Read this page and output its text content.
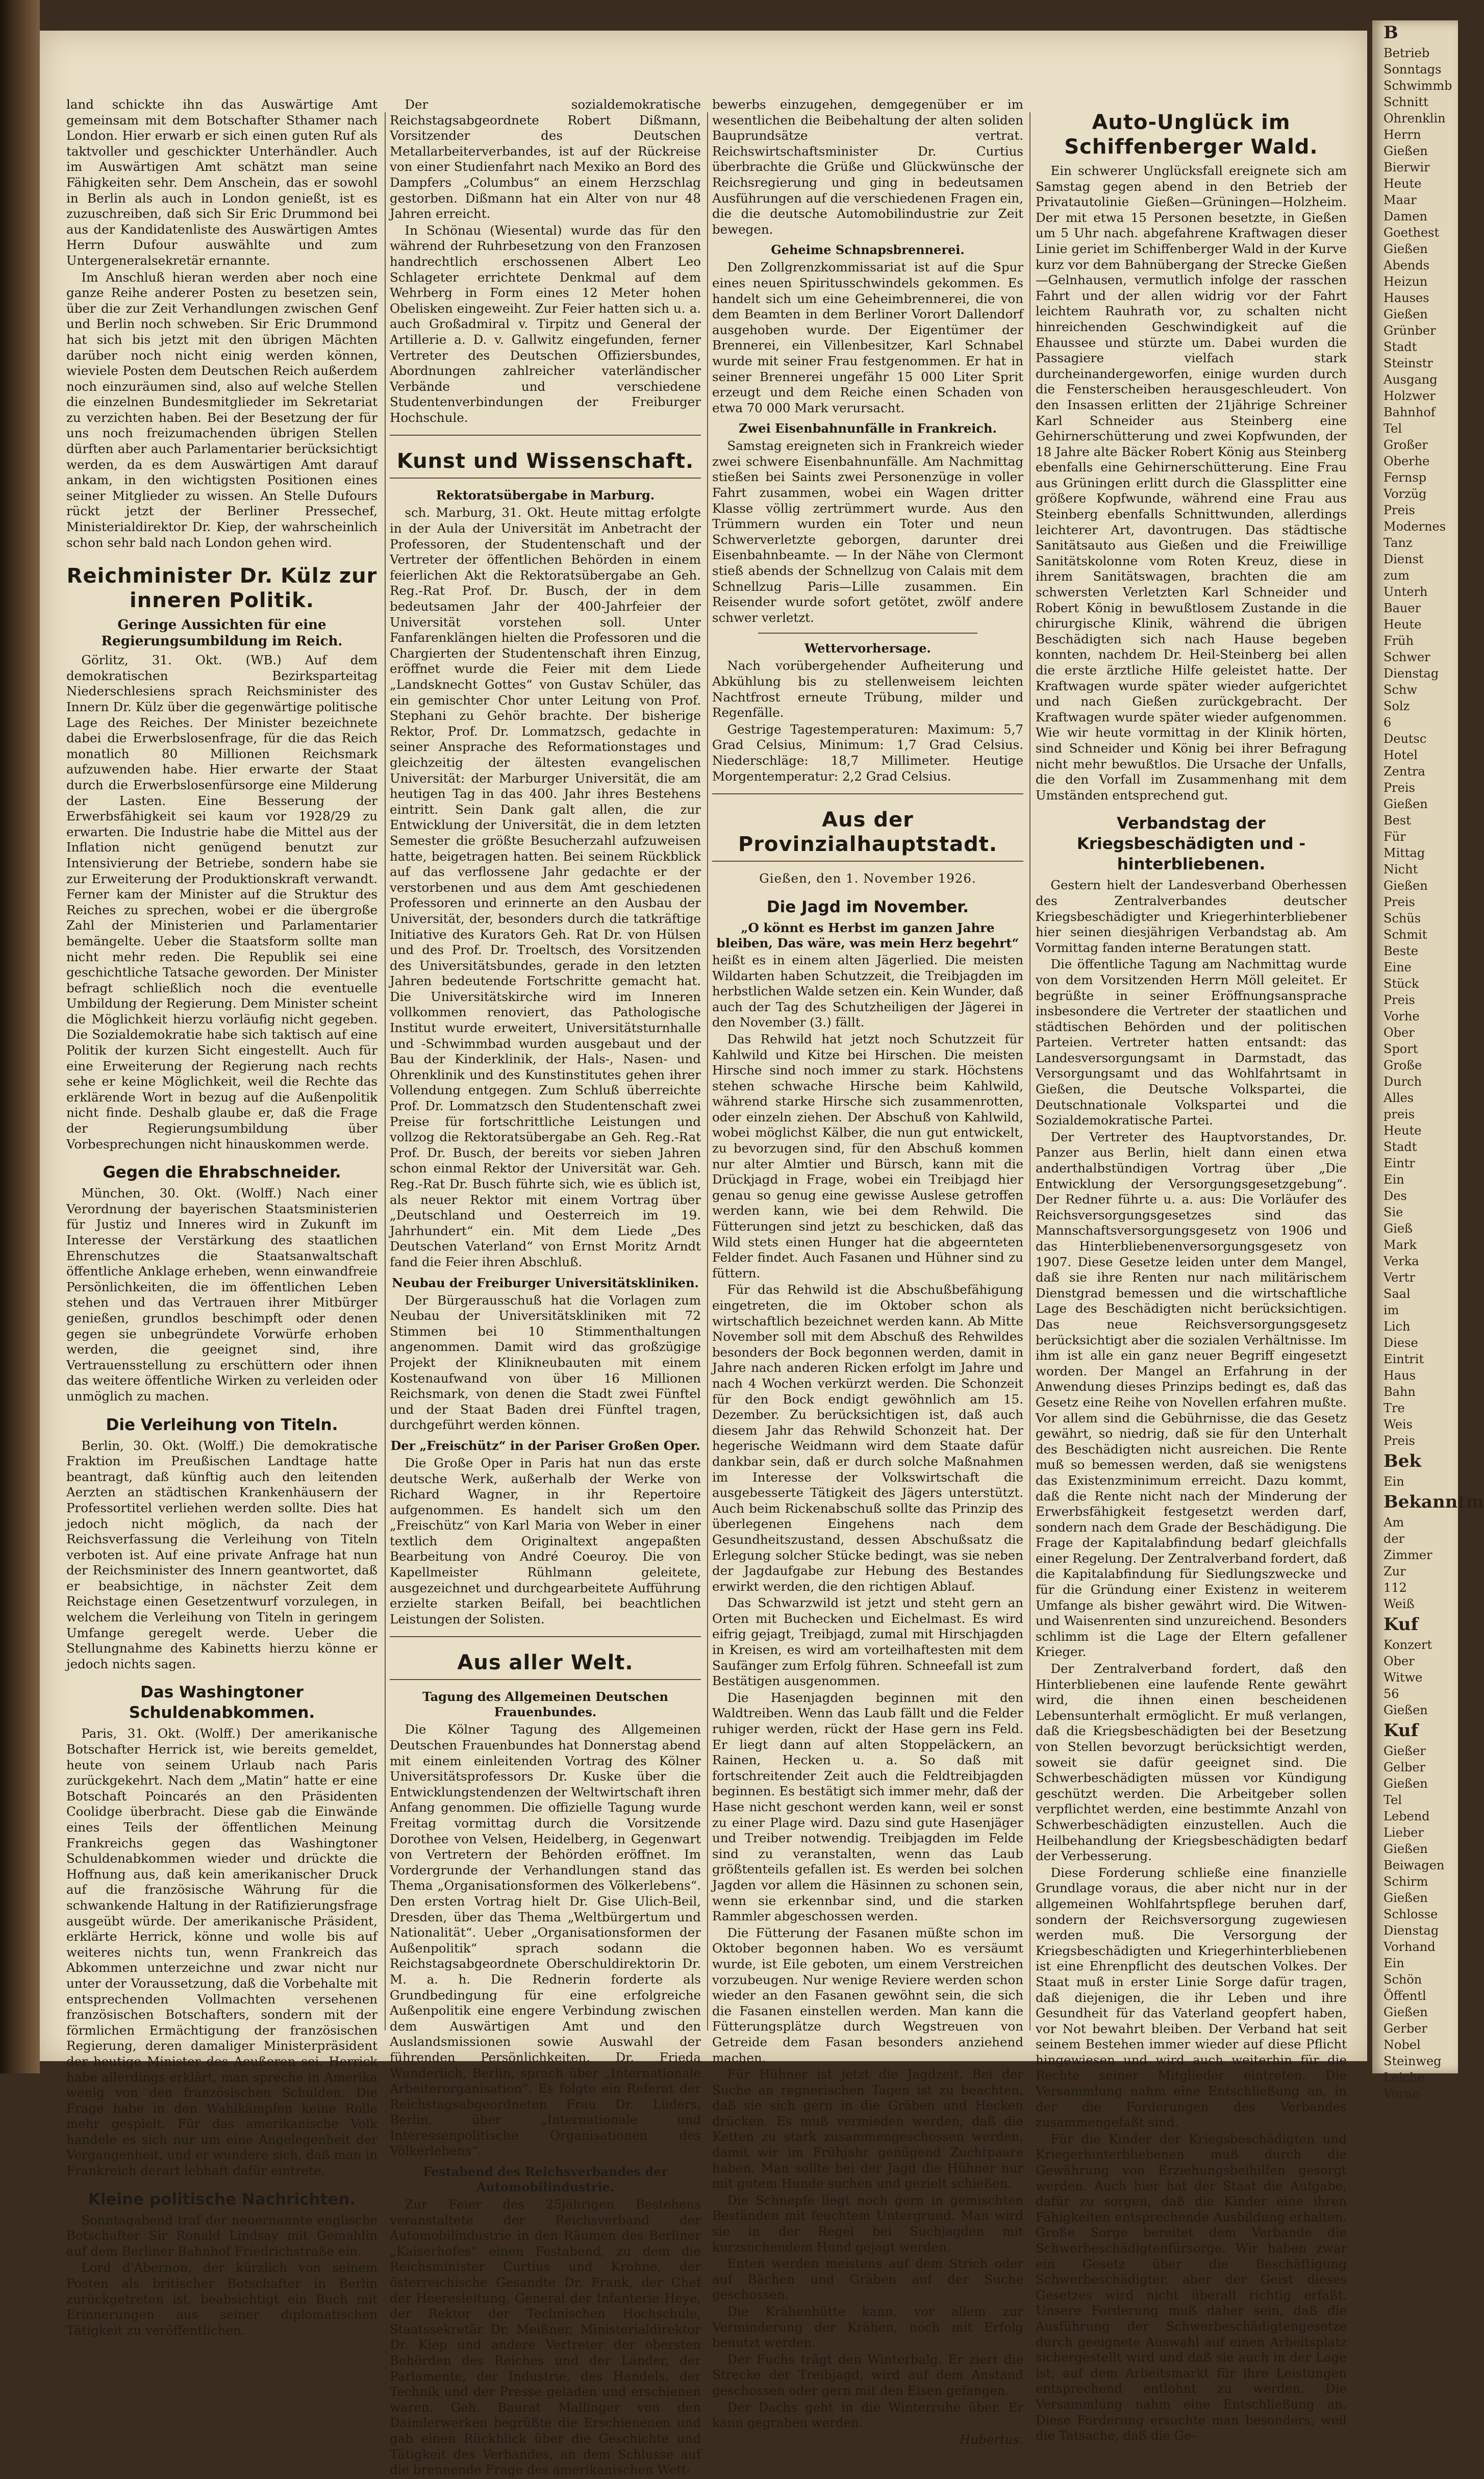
land schickte ihn das Auswärtige Amt gemeinsam mit dem Botschafter Sthamer nach London. Hier erwarb er sich einen guten Ruf als taktvoller und geschickter Unterhändler. Auch im Auswärtigen Amt schätzt man seine Fähigkeiten sehr. Dem Anschein, das er sowohl in Berlin als auch in London genießt, ist es zuzuschreiben, daß sich Sir Eric Drummond bei aus der Kandidatenliste des Auswärtigen Amtes Herrn Dufour auswählte und zum Untergeneralsekretär ernannte.

Im Anschluß hieran werden aber noch eine ganze Reihe anderer Posten zu besetzen sein, über die zur Zeit Verhandlungen zwischen Genf und Berlin noch schweben. Sir Eric Drummond hat sich bis jetzt mit den übrigen Mächten darüber noch nicht einig werden können, wieviele Posten dem Deutschen Reich außerdem noch einzuräumen sind, also auf welche Stellen die einzelnen Bundesmitglieder im Sekretariat zu verzichten haben. Bei der Besetzung der für uns noch freizumachenden übrigen Stellen dürften aber auch Parlamentarier berücksichtigt werden, da es dem Auswärtigen Amt darauf ankam, in den wichtigsten Positionen eines seiner Mitglieder zu wissen. An Stelle Dufours rückt jetzt der Berliner Pressechef, Ministerialdirektor Dr. Kiep, der wahrscheinlich schon sehr bald nach London gehen wird.

Reichminister Dr. Külz zur inneren Politik.
Geringe Aussichten für eine Regierungsumbildung im Reich.

Görlitz, 31. Okt. (WB.) Auf dem demokratischen Bezirksparteitag Niederschlesiens sprach Reichsminister des Innern Dr. Külz über die gegenwärtige politische Lage des Reiches. Der Minister bezeichnete dabei die Erwerbslosenfrage, für die das Reich monatlich 80 Millionen Reichsmark aufzuwenden habe. Hier erwarte der Staat durch die Erwerbslosenfürsorge eine Milderung der Lasten. Eine Besserung der Erwerbsfähigkeit sei kaum vor 1928/29 zu erwarten. Die Industrie habe die Mittel aus der Inflation nicht genügend benutzt zur Intensivierung der Betriebe, sondern habe sie zur Erweiterung der Produktionskraft verwandt. Ferner kam der Minister auf die Struktur des Reiches zu sprechen, wobei er die übergroße Zahl der Ministerien und Parlamentarier bemängelte. Ueber die Staatsform sollte man nicht mehr reden. Die Republik sei eine geschichtliche Tatsache geworden. Der Minister befragt schließlich noch die eventuelle Umbildung der Regierung. Dem Minister scheint die Möglichkeit hierzu vorläufig nicht gegeben. Die Sozialdemokratie habe sich taktisch auf eine Politik der kurzen Sicht eingestellt. Auch für eine Erweiterung der Regierung nach rechts sehe er keine Möglichkeit, weil die Rechte das erklärende Wort in bezug auf die Außenpolitik nicht finde. Deshalb glaube er, daß die Frage der Regierungsumbildung über Vorbesprechungen nicht hinauskommen werde.

Gegen die Ehrabschneider.

München, 30. Okt. (Wolff.) Nach einer Verordnung der bayerischen Staatsministerien für Justiz und Inneres wird in Zukunft im Interesse der Verstärkung des staatlichen Ehrenschutzes die Staatsanwaltschaft öffentliche Anklage erheben, wenn einwandfreie Persönlichkeiten, die im öffentlichen Leben stehen und das Vertrauen ihrer Mitbürger genießen, grundlos beschimpft oder denen gegen sie unbegründete Vorwürfe erhoben werden, die geeignet sind, ihre Vertrauensstellung zu erschüttern oder ihnen das weitere öffentliche Wirken zu verleiden oder unmöglich zu machen.

Die Verleihung von Titeln.

Berlin, 30. Okt. (Wolff.) Die demokratische Fraktion im Preußischen Landtage hatte beantragt, daß künftig auch den leitenden Aerzten an städtischen Krankenhäusern der Professortitel verliehen werden sollte. Dies hat jedoch nicht möglich, da nach der Reichsverfassung die Verleihung von Titeln verboten ist. Auf eine private Anfrage hat nun der Reichsminister des Innern geantwortet, daß er beabsichtige, in nächster Zeit dem Reichstage einen Gesetzentwurf vorzulegen, in welchem die Verleihung von Titeln in geringem Umfange geregelt werde. Ueber die Stellungnahme des Kabinetts hierzu könne er jedoch nichts sagen.

Das Washingtoner Schuldenabkommen.

Paris, 31. Okt. (Wolff.) Der amerikanische Botschafter Herrick ist, wie bereits gemeldet, heute von seinem Urlaub nach Paris zurückgekehrt. Nach dem „Matin“ hatte er eine Botschaft Poincarés an den Präsidenten Coolidge überbracht. Diese gab die Einwände eines Teils der öffentlichen Meinung Frankreichs gegen das Washingtoner Schuldenabkommen wieder und drückte die Hoffnung aus, daß kein amerikanischer Druck auf die französische Währung für die schwankende Haltung in der Ratifizierungsfrage ausgeübt würde. Der amerikanische Präsident, erklärte Herrick, könne und wolle bis auf weiteres nichts tun, wenn Frankreich das Abkommen unterzeichne und zwar nicht nur unter der Voraussetzung, daß die Vorbehalte mit entsprechenden Vollmachten versehenen französischen Botschafters, sondern mit der förmlichen Ermächtigung der französischen Regierung, deren damaliger Ministerpräsident der heutige Minister des Aeußeren sei. Herrick habe allerdings erklärt, man spreche in Amerika wenig von den französischen Schulden. Die Frage habe in den Wahlkämpfen keine Rolle mehr gespielt. Für das amerikanische Volk handele es sich nur um eine Angelegenheit der Vergangenheit, und er wundere sich, daß man in Frankreich derart lebhaft dafür eintrete.

Kleine politische Nachrichten.

Sonntagabend traf der neuernannte englische Botschafter Sir Ronald Lindsay mit Gemahlin auf dem Berliner Bahnhof Friedrichstraße ein.

Lord d'Abernon, der kürzlich von seinem Posten als britischer Botschafter in Berlin zurückgetreten ist, beabsichtigt ein Buch mit Erinnerungen aus seiner diplomatischen Tätigkeit zu veröffentlichen.

Der sozialdemokratische Reichstagsabgeordnete Robert Dißmann, Vorsitzender des Deutschen Metallarbeiterverbandes, ist auf der Rückreise von einer Studienfahrt nach Mexiko an Bord des Dampfers „Columbus“ an einem Herzschlag gestorben. Dißmann hat ein Alter von nur 48 Jahren erreicht.

In Schönau (Wiesental) wurde das für den während der Ruhrbesetzung von den Franzosen handrechtlich erschossenen Albert Leo Schlageter errichtete Denkmal auf dem Wehrberg in Form eines 12 Meter hohen Obelisken eingeweiht. Zur Feier hatten sich u. a. auch Großadmiral v. Tirpitz und General der Artillerie a. D. v. Gallwitz eingefunden, ferner Vertreter des Deutschen Offiziersbundes, Abordnungen zahlreicher vaterländischer Verbände und verschiedene Studentenverbindungen der Freiburger Hochschule.

Kunst und Wissenschaft.
Rektoratsübergabe in Marburg.

sch. Marburg, 31. Okt. Heute mittag erfolgte in der Aula der Universität im Anbetracht der Professoren, der Studentenschaft und der Vertreter der öffentlichen Behörden in einem feierlichen Akt die Rektoratsübergabe an Geh. Reg.-Rat Prof. Dr. Busch, der in dem bedeutsamen Jahr der 400-Jahrfeier der Universität vorstehen soll. Unter Fanfarenklängen hielten die Professoren und die Chargierten der Studentenschaft ihren Einzug, eröffnet wurde die Feier mit dem Liede „Landsknecht Gottes“ von Gustav Schüler, das ein gemischter Chor unter Leitung von Prof. Stephani zu Gehör brachte. Der bisherige Rektor, Prof. Dr. Lommatzsch, gedachte in seiner Ansprache des Reformationstages und gleichzeitig der ältesten evangelischen Universität: der Marburger Universität, die am heutigen Tag in das 400. Jahr ihres Bestehens eintritt. Sein Dank galt allen, die zur Entwicklung der Universität, die in dem letzten Semester die größte Besucherzahl aufzuweisen hatte, beigetragen hatten. Bei seinem Rückblick auf das verflossene Jahr gedachte er der verstorbenen und aus dem Amt geschiedenen Professoren und erinnerte an den Ausbau der Universität, der, besonders durch die tatkräftige Initiative des Kurators Geh. Rat Dr. von Hülsen und des Prof. Dr. Troeltsch, des Vorsitzenden des Universitätsbundes, gerade in den letzten Jahren bedeutende Fortschritte gemacht hat. Die Universitätskirche wird im Inneren vollkommen renoviert, das Pathologische Institut wurde erweitert, Universitätsturnhalle und -Schwimmbad wurden ausgebaut und der Bau der Kinderklinik, der Hals-, Nasen- und Ohrenklinik und des Kunstinstitutes gehen ihrer Vollendung entgegen. Zum Schluß überreichte Prof. Dr. Lommatzsch den Studentenschaft zwei Preise für fortschrittliche Leistungen und vollzog die Rektoratsübergabe an Geh. Reg.-Rat Prof. Dr. Busch, der bereits vor sieben Jahren schon einmal Rektor der Universität war. Geh. Reg.-Rat Dr. Busch führte sich, wie es üblich ist, als neuer Rektor mit einem Vortrag über „Deutschland und Oesterreich im 19. Jahrhundert“ ein. Mit dem Liede „Des Deutschen Vaterland“ von Ernst Moritz Arndt fand die Feier ihren Abschluß.

Neubau der Freiburger Universitätskliniken.

Der Bürgerausschuß hat die Vorlagen zum Neubau der Universitätskliniken mit 72 Stimmen bei 10 Stimmenthaltungen angenommen. Damit wird das großzügige Projekt der Klinikneubauten mit einem Kostenaufwand von über 16 Millionen Reichsmark, von denen die Stadt zwei Fünftel und der Staat Baden drei Fünftel tragen, durchgeführt werden können.

Der „Freischütz“ in der Pariser Großen Oper.

Die Große Oper in Paris hat nun das erste deutsche Werk, außerhalb der Werke von Richard Wagner, in ihr Repertoire aufgenommen. Es handelt sich um den „Freischütz“ von Karl Maria von Weber in einer textlich dem Originaltext angepaßten Bearbeitung von André Coeuroy. Die von Kapellmeister Rühlmann geleitete, ausgezeichnet und durchgearbeitete Aufführung erzielte starken Beifall, bei beachtlichen Leistungen der Solisten.

Aus aller Welt.
Tagung des Allgemeinen Deutschen Frauenbundes.

Die Kölner Tagung des Allgemeinen Deutschen Frauenbundes hat Donnerstag abend mit einem einleitenden Vortrag des Kölner Universitätsprofessors Dr. Kuske über die Entwicklungstendenzen der Weltwirtschaft ihren Anfang genommen. Die offizielle Tagung wurde Freitag vormittag durch die Vorsitzende Dorothee von Velsen, Heidelberg, in Gegenwart von Vertretern der Behörden eröffnet. Im Vordergrunde der Verhandlungen stand das Thema „Organisationsformen des Völkerlebens“. Den ersten Vortrag hielt Dr. Gise Ulich-Beil, Dresden, über das Thema „Weltbürgertum und Nationalität“. Ueber „Organisationsformen der Außenpolitik“ sprach sodann die Reichstagsabgeordnete Oberschuldirektorin Dr. M. a. h. Die Rednerin forderte als Grundbedingung für eine erfolgreiche Außenpolitik eine engere Verbindung zwischen dem Auswärtigen Amt und den Auslandsmissionen sowie Auswahl der führenden Persönlichkeiten. Dr. Frieda Wunderlich, Berlin, sprach über „Internationale Arbeiterorganisation“. Es folgte ein Referat der Reichstagsabgeordneten Frau Dr. Lüders, Berlin, über „Internationale und Interessenpolitische Organisationen des Völkerlebens“.

Festabend des Reichsverbandes der Automobilindustrie.

Zur Feier des 25jährigen Bestehens veranstaltete der Reichsverband der Automobilindustrie in den Räumen des Berliner „Kaiserhofes“ einen Festabend, zu dem die Reichsminister Curtius und Krohne, der österreichische Gesandte Dr. Frank, der Chef der Heeresleitung, General der Infanterie Heye, der Rektor der Technischen Hochschule, Staatssekretär Dr. Meißner, Ministerialdirektor Dr. Kiep und andere Vertreter der obersten Behörden des Reiches und der Länder, der Parlamente, der Industrie, des Handels, der Technik und der Presse geladen und erschienen waren. Geh. Baurat Mallinger von den Daimlerwerken begrüßte die Erschienenen und gab einen Rückblick über die Geschichte und Tätigkeit des Verbandes, an dem Schlusse auf die brennende Frage des amerikanischen Wett-

bewerbs einzugehen, demgegenüber er im wesentlichen die Beibehaltung der alten soliden Bauprundsätze vertrat. Reichswirtschaftsminister Dr. Curtius überbrachte die Grüße und Glückwünsche der Reichsregierung und ging in bedeutsamen Ausführungen auf die verschiedenen Fragen ein, die die deutsche Automobilindustrie zur Zeit bewegen.

Geheime Schnapsbrennerei.

Den Zollgrenzkommissariat ist auf die Spur eines neuen Spiritusschwindels gekommen. Es handelt sich um eine Geheimbrennerei, die von dem Beamten in dem Berliner Vorort Dallendorf ausgehoben wurde. Der Eigentümer der Brennerei, ein Villenbesitzer, Karl Schnabel wurde mit seiner Frau festgenommen. Er hat in seiner Brennerei ungefähr 15 000 Liter Sprit erzeugt und dem Reiche einen Schaden von etwa 70 000 Mark verursacht.

Zwei Eisenbahnunfälle in Frankreich.

Samstag ereigneten sich in Frankreich wieder zwei schwere Eisenbahnunfälle. Am Nachmittag stießen bei Saints zwei Personenzüge in voller Fahrt zusammen, wobei ein Wagen dritter Klasse völlig zertrümmert wurde. Aus den Trümmern wurden ein Toter und neun Schwerverletzte geborgen, darunter drei Eisenbahnbeamte. — In der Nähe von Clermont stieß abends der Schnellzug von Calais mit dem Schnellzug Paris—Lille zusammen. Ein Reisender wurde sofort getötet, zwölf andere schwer verletzt.

Wettervorhersage.

Nach vorübergehender Aufheiterung und Abkühlung bis zu stellenweisem leichten Nachtfrost erneute Trübung, milder und Regenfälle.

Gestrige Tagestemperaturen: Maximum: 5,7 Grad Celsius, Minimum: 1,7 Grad Celsius. Niederschläge: 18,7 Millimeter. Heutige Morgentemperatur: 2,2 Grad Celsius.

Aus der Provinzialhauptstadt.
Gießen, den 1. November 1926.
Die Jagd im November.

„O könnt es Herbst im ganzen Jahre bleiben, Das wäre, was mein Herz begehrt“

heißt es in einem alten Jägerlied. Die meisten Wildarten haben Schutzzeit, die Treibjagden im herbstlichen Walde setzen ein. Kein Wunder, daß auch der Tag des Schutzheiligen der Jägerei in den November (3.) fällt.

Das Rehwild hat jetzt noch Schutzzeit für Kahlwild und Kitze bei Hirschen. Die meisten Hirsche sind noch immer zu stark. Höchstens stehen schwache Hirsche beim Kahlwild, während starke Hirsche sich zusammenrotten, oder einzeln ziehen. Der Abschuß von Kahlwild, wobei möglichst Kälber, die nun gut entwickelt, zu bevorzugen sind, für den Abschuß kommen nur alter Almtier und Bürsch, kann mit die Drückjagd in Frage, wobei ein Treibjagd hier genau so genug eine gewisse Auslese getroffen werden kann, wie bei dem Rehwild. Die Fütterungen sind jetzt zu beschicken, daß das Wild stets einen Hunger hat die abgeernteten Felder findet. Auch Fasanen und Hühner sind zu füttern.

Für das Rehwild ist die Abschußbefähigung eingetreten, die im Oktober schon als wirtschaftlich bezeichnet werden kann. Ab Mitte November soll mit dem Abschuß des Rehwildes besonders der Bock begonnen werden, damit in Jahre nach anderen Ricken erfolgt im Jahre und nach 4 Wochen verkürzt werden. Die Schonzeit für den Bock endigt gewöhnlich am 15. Dezember. Zu berücksichtigen ist, daß auch diesem Jahr das Rehwild Schonzeit hat. Der hegerische Weidmann wird dem Staate dafür dankbar sein, daß er durch solche Maßnahmen im Interesse der Volkswirtschaft die ausgebesserte Tätigkeit des Jägers unterstützt. Auch beim Rickenabschuß sollte das Prinzip des überlegenen Eingehens nach dem Gesundheitszustand, dessen Abschußsatz die Erlegung solcher Stücke bedingt, was sie neben der Jagdaufgabe zur Hebung des Bestandes erwirkt werden, die den richtigen Ablauf.

Das Schwarzwild ist jetzt und steht gern an Orten mit Buchecken und Eichelmast. Es wird eifrig gejagt, Treibjagd, zumal mit Hirschjagden in Kreisen, es wird am vorteilhaftesten mit dem Saufänger zum Erfolg führen. Schneefall ist zum Bestätigen ausgenommen.

Die Hasenjagden beginnen mit den Waldtreiben. Wenn das Laub fällt und die Felder ruhiger werden, rückt der Hase gern ins Feld. Er liegt dann auf alten Stoppeläckern, an Rainen, Hecken u. a. So daß mit fortschreitender Zeit auch die Feldtreibjagden beginnen. Es bestätigt sich immer mehr, daß der Hase nicht geschont werden kann, weil er sonst zu einer Plage wird. Dazu sind gute Hasenjäger und Treiber notwendig. Treibjagden im Felde sind zu veranstalten, wenn das Laub größtenteils gefallen ist. Es werden bei solchen Jagden vor allem die Häsinnen zu schonen sein, wenn sie erkennbar sind, und die starken Rammler abgeschossen werden.

Die Fütterung der Fasanen müßte schon im Oktober begonnen haben. Wo es versäumt wurde, ist Eile geboten, um einem Verstreichen vorzubeugen. Nur wenige Reviere werden schon wieder an den Fasanen gewöhnt sein, die sich die Fasanen einstellen werden. Man kann die Fütterungsplätze durch Wegstreuen von Getreide dem Fasan besonders anziehend machen.

Für Hühner ist jetzt die Jagdzeit. Bei der Suche an regnerischen Tagen ist zu beachten, daß sie sich gern in die Gräben und Hecken drücken. Es muß vermieden werden, daß die Ketten zu stark zusammengeschossen werden, damit wir im Frühjahr genügend Zuchtpaare haben. Man sollte bei der Jagd die Hühner nur mit gutem Hunde suchen und gezielt schießen.

Die Schnepfe liegt noch gern in gemischten Beständen mit feuchtem Untergrund. Man wird sie in der Regel bei Suchjagden mit kurzsuchendem Hund gejagt werden.

Enten werden meistens auf dem Strich oder auf Bächen und Gräben auf der Suche geschossen.

Die Krähenhütte kann, vor allem zur Verminderung der Krähen, noch mit Erfolg benutzt werden.

Der Fuchs trägt den Winterbalg. Er ziert die Strecke der Treibjagd, wird auf dem Anstand geschossen oder gern mit den Eisen gefangen.

Der Dachs geht in die Winterruhe über. Er kann gegraben werden.

Hubertus.
Auto-Unglück im Schiffenberger Wald.

Ein schwerer Unglücksfall ereignete sich am Samstag gegen abend in den Betrieb der Privatautolinie Gießen—Grüningen—Holzheim. Der mit etwa 15 Personen besetzte, in Gießen um 5 Uhr nach. abgefahrene Kraftwagen dieser Linie geriet im Schiffenberger Wald in der Kurve kurz vor dem Bahnübergang der Strecke Gießen—Gelnhausen, vermutlich infolge der rasschen Fahrt und der allen widrig vor der Fahrt leichtem Rauhrath vor, zu schalten nicht hinreichenden Geschwindigkeit auf die Ehaussee und stürzte um. Dabei wurden die Passagiere vielfach stark durcheinandergeworfen, einige wurden durch die Fensterscheiben herausgeschleudert. Von den Insassen erlitten der 21jährige Schreiner Karl Schneider aus Steinberg eine Gehirnerschütterung und zwei Kopfwunden, der 18 Jahre alte Bäcker Robert König aus Steinberg ebenfalls eine Gehirnerschütterung. Eine Frau aus Grüningen erlitt durch die Glassplitter eine größere Kopfwunde, während eine Frau aus Steinberg ebenfalls Schnittwunden, allerdings leichterer Art, davontrugen. Das städtische Sanitätsauto aus Gießen und die Freiwillige Sanitätskolonne vom Roten Kreuz, diese in ihrem Sanitätswagen, brachten die am schwersten Verletzten Karl Schneider und Robert König in bewußtlosem Zustande in die chirurgische Klinik, während die übrigen Beschädigten sich nach Hause begeben konnten, nachdem Dr. Heil-Steinberg bei allen die erste ärztliche Hilfe geleistet hatte. Der Kraftwagen wurde später wieder aufgerichtet und nach Gießen zurückgebracht. Der Kraftwagen wurde später wieder aufgenommen. Wie wir heute vormittag in der Klinik hörten, sind Schneider und König bei ihrer Befragung nicht mehr bewußtlos. Die Ursache der Unfalls, die den Vorfall im Zusammenhang mit dem Umständen entsprechend gut.

Verbandstag der Kriegsbeschädigten und -hinterbliebenen.

Gestern hielt der Landesverband Oberhessen des Zentralverbandes deutscher Kriegsbeschädigter und Kriegerhinterbliebener hier seinen diesjährigen Verbandstag ab. Am Vormittag fanden interne Beratungen statt.

Die öffentliche Tagung am Nachmittag wurde von dem Vorsitzenden Herrn Möll geleitet. Er begrüßte in seiner Eröffnungsansprache insbesondere die Vertreter der staatlichen und städtischen Behörden und der politischen Parteien. Vertreter hatten entsandt: das Landesversorgungsamt in Darmstadt, das Versorgungsamt und das Wohlfahrtsamt in Gießen, die Deutsche Volkspartei, die Deutschnationale Volkspartei und die Sozialdemokratische Partei.

Der Vertreter des Hauptvorstandes, Dr. Panzer aus Berlin, hielt dann einen etwa anderthalbstündigen Vortrag über „Die Entwicklung der Versorgungsgesetzgebung“. Der Redner führte u. a. aus: Die Vorläufer des Reichsversorgungsgesetzes sind das Mannschaftsversorgungsgesetz von 1906 und das Hinterbliebenenversorgungsgesetz von 1907. Diese Gesetze leiden unter dem Mangel, daß sie ihre Renten nur nach militärischem Dienstgrad bemessen und die wirtschaftliche Lage des Beschädigten nicht berücksichtigen. Das neue Reichsversorgungsgesetz berücksichtigt aber die sozialen Verhältnisse. Im ihm ist alle ein ganz neuer Begriff eingesetzt worden. Der Mangel an Erfahrung in der Anwendung dieses Prinzips bedingt es, daß das Gesetz eine Reihe von Novellen erfahren mußte. Vor allem sind die Gebührnisse, die das Gesetz gewährt, so niedrig, daß sie für den Unterhalt des Beschädigten nicht ausreichen. Die Rente muß so bemessen werden, daß sie wenigstens das Existenzminimum erreicht. Dazu kommt, daß die Rente nicht nach der Minderung der Erwerbsfähigkeit festgesetzt werden darf, sondern nach dem Grade der Beschädigung. Die Frage der Kapitalabfindung bedarf gleichfalls einer Regelung. Der Zentralverband fordert, daß die Kapitalabfindung für Siedlungszwecke und für die Gründung einer Existenz in weiterem Umfange als bisher gewährt wird. Die Witwen- und Waisenrenten sind unzureichend. Besonders schlimm ist die Lage der Eltern gefallener Krieger.

Der Zentralverband fordert, daß den Hinterbliebenen eine laufende Rente gewährt wird, die ihnen einen bescheidenen Lebensunterhalt ermöglicht. Er muß verlangen, daß die Kriegsbeschädigten bei der Besetzung von Stellen bevorzugt berücksichtigt werden, soweit sie dafür geeignet sind. Die Schwerbeschädigten müssen vor Kündigung geschützt werden. Die Arbeitgeber sollen verpflichtet werden, eine bestimmte Anzahl von Schwerbeschädigten einzustellen. Auch die Heilbehandlung der Kriegsbeschädigten bedarf der Verbesserung.

Diese Forderung schließe eine finanzielle Grundlage voraus, die aber nicht nur in der allgemeinen Wohlfahrtspflege beruhen darf, sondern der Reichsversorgung zugewiesen werden muß. Die Versorgung der Kriegsbeschädigten und Kriegerhinterbliebenen ist eine Ehrenpflicht des deutschen Volkes. Der Staat muß in erster Linie Sorge dafür tragen, daß diejenigen, die ihr Leben und ihre Gesundheit für das Vaterland geopfert haben, vor Not bewahrt bleiben. Der Verband hat seit seinem Bestehen immer wieder auf diese Pflicht hingewiesen und wird auch weiterhin für die Rechte seiner Mitglieder eintreten. Die Versammlung nahm eine Entschließung an, in der die Forderungen des Verbandes zusammengefaßt sind.

Für die Kinder der Kriegsbeschädigten und Kriegerhinterbliebenen muß durch die Gewährung von Erziehungsbeihilfen gesorgt werden. Auch hier hat der Staat die Aufgabe, dafür zu sorgen, daß die Kinder eine ihren Fähigkeiten entsprechende Ausbildung erhalten. Große Sorge bereitet dem Verbande die Schwerbeschädigtenfürsorge. Wir haben zwar ein Gesetz über die Beschäftigung Schwerbeschädigter, aber der Geist dieses Gesetzes wird nicht überall richtig erfaßt. Unsere Forderung muß daher sein, daß die Ausführung der Schwerbeschädigtengesetze durch geeignete Auswahl auf einen Arbeitsplatz sichergestellt wird und daß sie auch in der Lage ist, auf dem Arbeitsmarkt für ihre Leistungen entsprechend entlohnt zu werden. Die Versammlung nahm eine Entschließung an. Diese Forderung ersuchte man besonders, weil die Tatsache, daß die Ge-

B
Betrieb
Sonntags
Schwimmb
Schnitt
Ohrenklin
Herrn
Gießen
Bierwir
Heute
Maar
Damen
Goethest
Gießen
Abends
Heizun
Hauses
Gießen
Grünber
Stadt
Steinstr
Ausgang
Holzwer
Bahnhof
Tel
Großer
Oberhe
Fernsp
Vorzüg
Preis
Modernes
Tanz
Dienst
zum
Unterh
Bauer
Heute
Früh
Schwer
Dienstag
Schw
Solz
6
Deutsc
Hotel
Zentra
Preis
Gießen
Best
Für
Mittag
Nicht
Gießen
Preis
Schüs
Schmit
Beste
Eine
Stück
Preis
Vorhe
Ober
Sport
Große
Durch
Alles
preis
Heute
Stadt
Eintr
Ein
Des
Sie
Gieß
Mark
Verka
Vertr
Saal
im
Lich
Diese
Eintrit
Haus
Bahn
Tre
Weis
Preis
Bek
Ein
Bekanntm
Am
der
Zimmer
Zur
112
Weiß
Kuf
Konzert
Ober
Witwe
56
Gießen
Kuf
Gießer
Gelber
Gießen
Tel
Lebend
Lieber
Gießen
Beiwagen
Schirm
Gießen
Schlosse
Dienstag
Vorhand
Ein
Schön
Öffentl
Gießen
Gerber
Nobel
Steinweg
Leiche
Vorne
